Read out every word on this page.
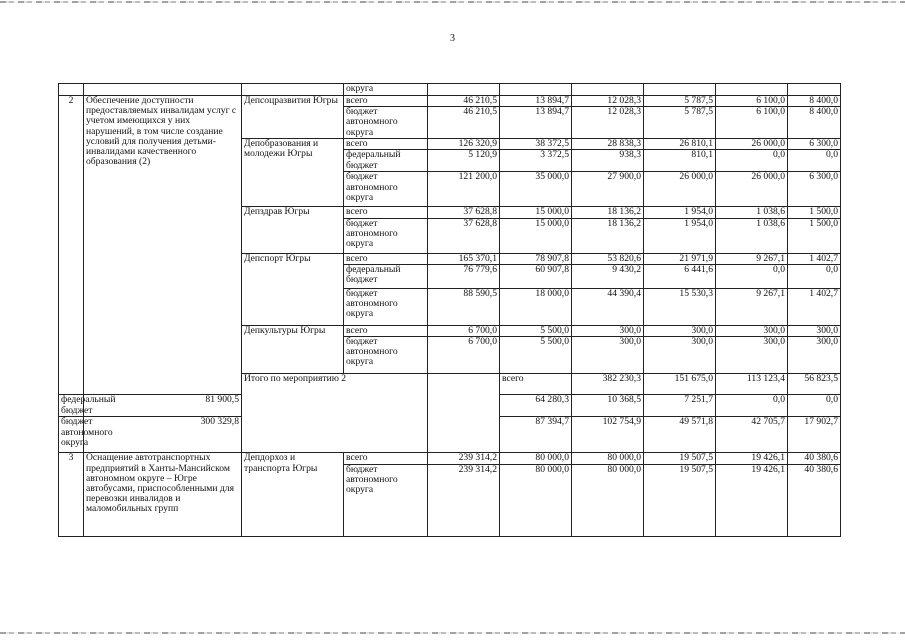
3
			округа							
2	Обеспечение доступности предоставляемых инвалидам услуг с учетом имеющихся у них нарушений, в том числе создание условий для получения детьми-инвалидами качественного образования (2)	Депсоцразвития Югры	всего	46 210,5	13 894,7	12 028,3	5 787,5	6 100,0	8 400,0	
			бюджет автономного округа	46 210,5	13 894,7	12 028,3	5 787,5	6 100,0	8 400,0	
		Депобразования и молодежи Югры	всего	126 320,9	38 372,5	28 838,3	26 810,1	26 000,0	6 300,0	
			федеральный бюджет	5 120,9	3 372,5	938,3	810,1	0,0	0,0	
			бюджет автономного округа	121 200,0	35 000,0	27 900,0	26 000,0	26 000,0	6 300,0	
		Депздрав Югры	всего	37 628,8	15 000,0	18 136,2	1 954,0	1 038,6	1 500,0	
			бюджет автономного округа	37 628,8	15 000,0	18 136,2	1 954,0	1 038,6	1 500,0	
		Депспорт Югры	всего	165 370,1	78 907,8	53 820,6	21 971,9	9 267,1	1 402,7	
			федеральный бюджет	76 779,6	60 907,8	9 430,2	6 441,6	0,0	0,0	
			бюджет автономного округа	88 590,5	18 000,0	44 390,4	15 530,3	9 267,1	1 402,7	
		Депкультуры Югры	всего	6 700,0	5 500,0	300,0	300,0	300,0	300,0	
			бюджет автономного округа	6 700,0	5 500,0	300,0	300,0	300,0	300,0	
		Итого по мероприятию 2			всего	382 230,3	151 675,0	113 123,4	56 823,5		
федеральный бюджет	81 900,5				64 280,3	10 368,5	7 251,7	0,0	0,0	
бюджет автономного округа	300 329,8				87 394,7	102 754,9	49 571,8	42 705,7	17 902,7	
3	Оснащение автотранспортных предприятий в Ханты-Мансийском автономном округе – Югре автобусами, приспособленными для перевозки инвалидов и маломобильных групп	Депдорхоз и транспорта Югры	всего	239 314,2	80 000,0	80 000,0	19 507,5	19 426,1	40 380,6	
			бюджет автономного округа	239 314,2	80 000,0	80 000,0	19 507,5	19 426,1	40 380,6	
